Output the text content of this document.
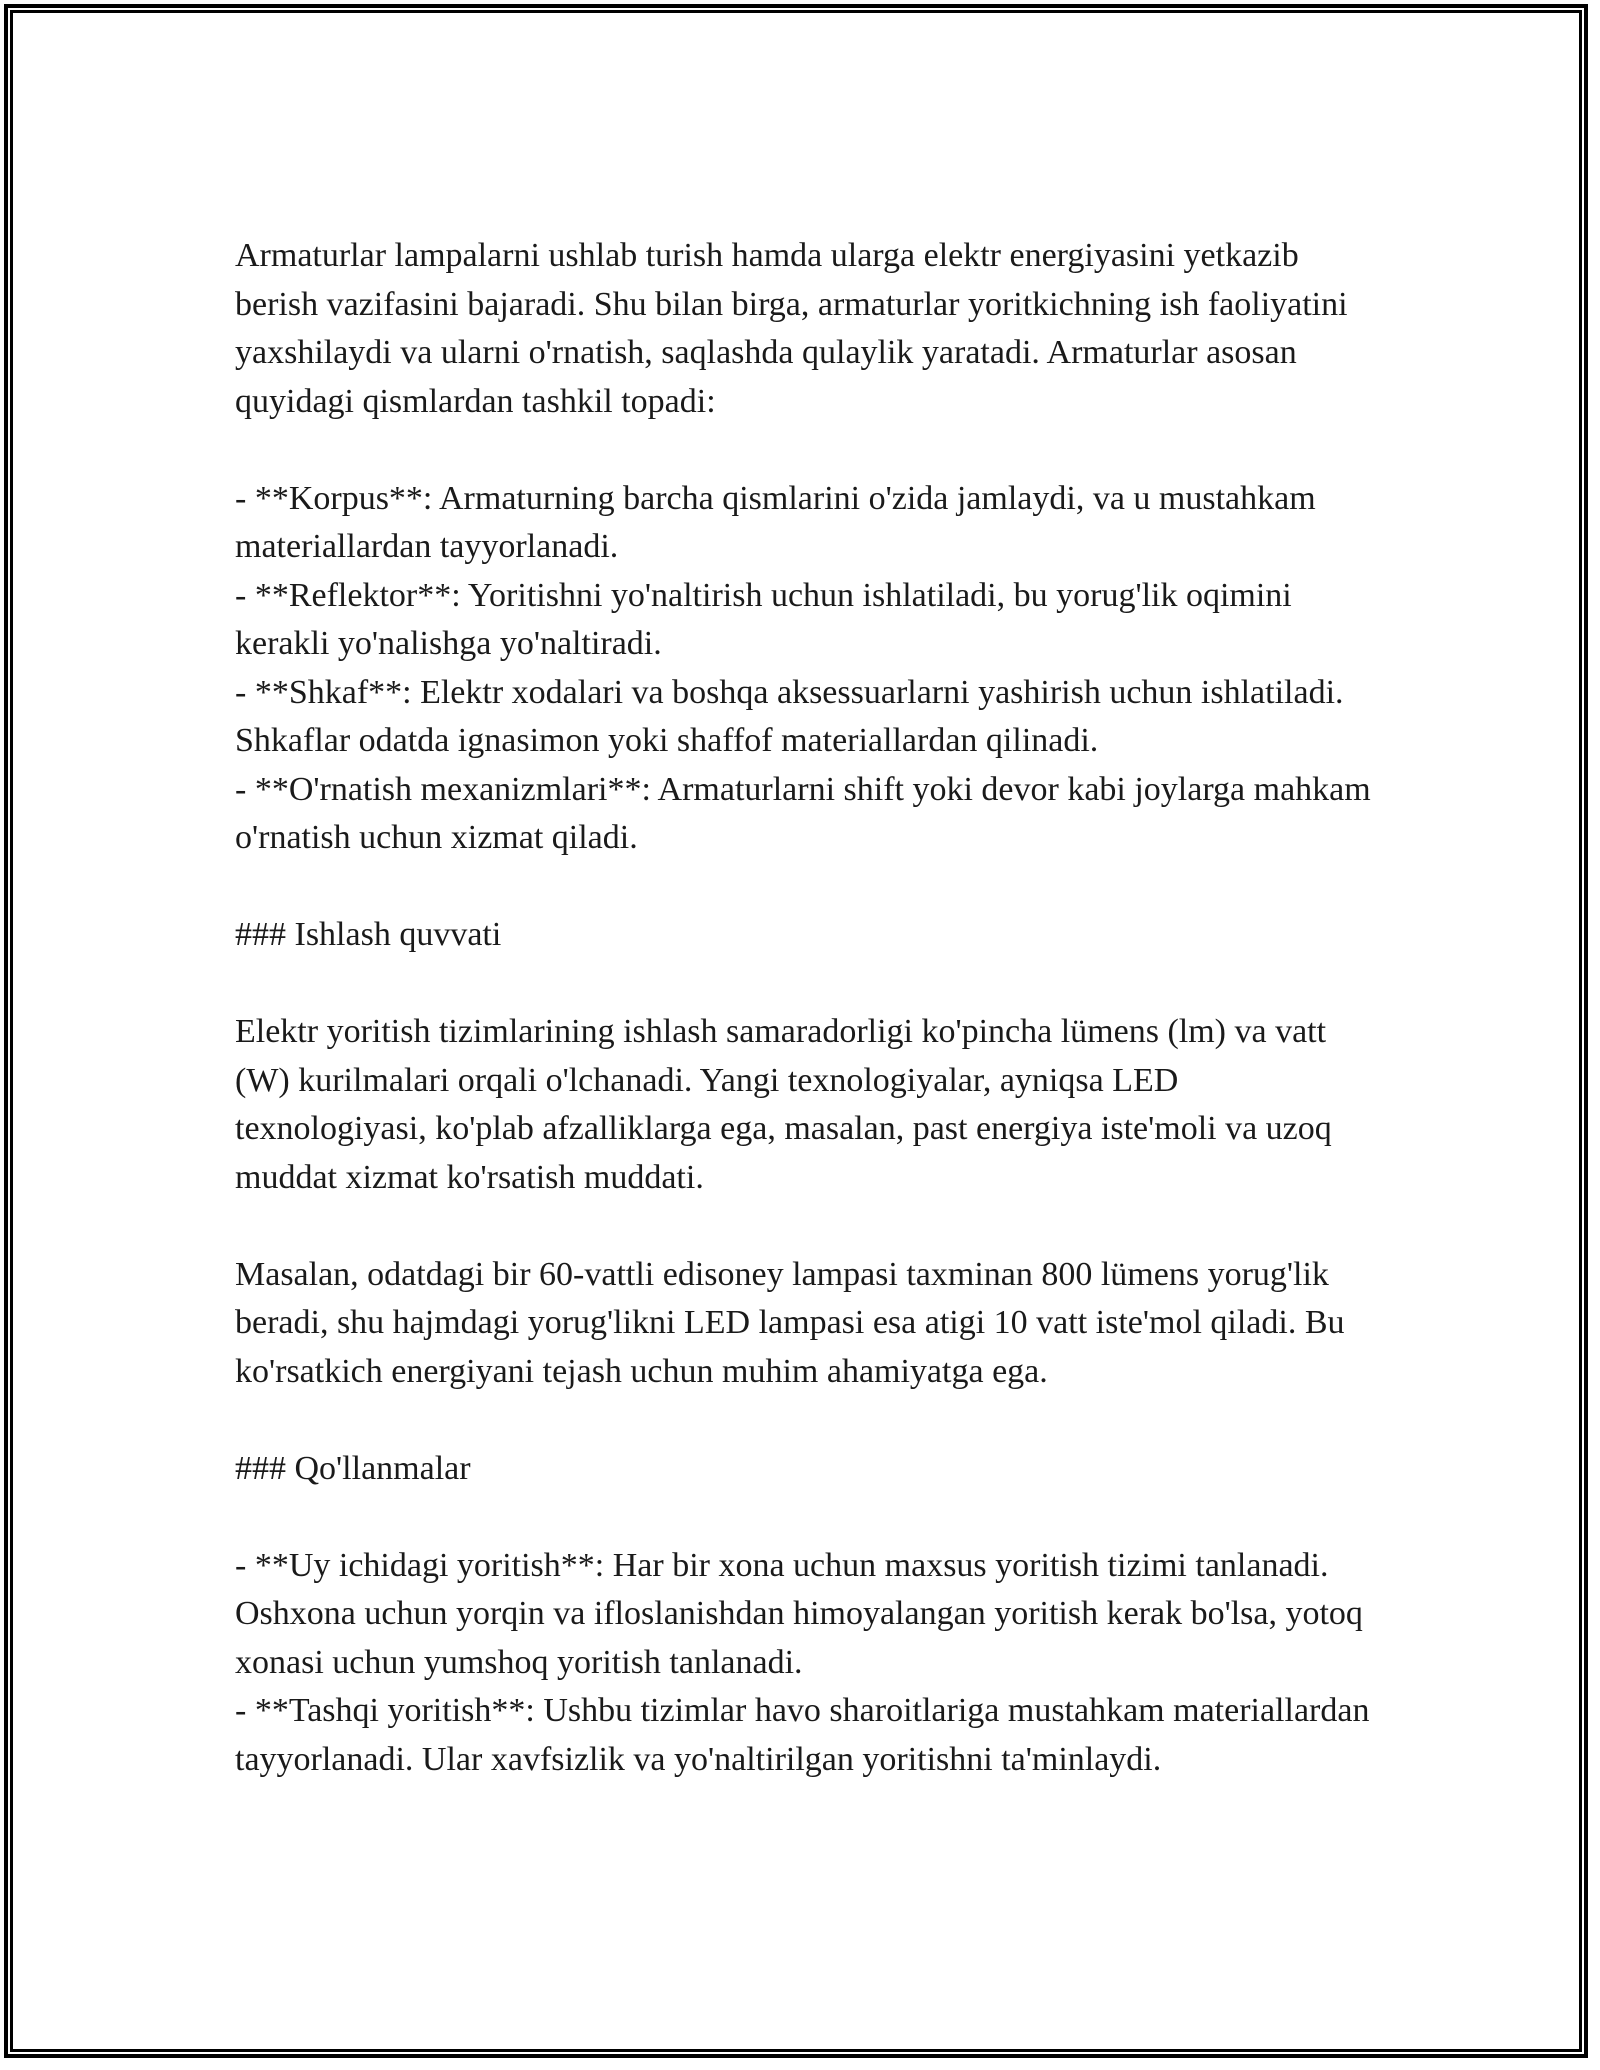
Armaturlar lampalarni ushlab turish hamda ularga elektr energiyasini yetkazib berish vazifasini bajaradi. Shu bilan birga, armaturlar yoritkichning ish faoliyatini yaxshilaydi va ularni o'rnatish, saqlashda qulaylik yaratadi. Armaturlar asosan quyidagi qismlardan tashkil topadi:

- **Korpus**: Armaturning barcha qismlarini o'zida jamlaydi, va u mustahkam materiallardan tayyorlanadi.

- **Reflektor**: Yoritishni yo'naltirish uchun ishlatiladi, bu yorug'lik oqimini kerakli yo'nalishga yo'naltiradi.

- **Shkaf**: Elektr xodalari va boshqa aksessuarlarni yashirish uchun ishlatiladi. Shkaflar odatda ignasimon yoki shaffof materiallardan qilinadi.

- **O'rnatish mexanizmlari**: Armaturlarni shift yoki devor kabi joylarga mahkam o'rnatish uchun xizmat qiladi.

### Ishlash quvvati

Elektr yoritish tizimlarining ishlash samaradorligi ko'pincha lümens (lm) va vatt (W) kurilmalari orqali o'lchanadi. Yangi texnologiyalar, ayniqsa LED texnologiyasi, ko'plab afzalliklarga ega, masalan, past energiya iste'moli va uzoq muddat xizmat ko'rsatish muddati.

Masalan, odatdagi bir 60-vattli edisoney lampasi taxminan 800 lümens yorug'lik beradi, shu hajmdagi yorug'likni LED lampasi esa atigi 10 vatt iste'mol qiladi. Bu ko'rsatkich energiyani tejash uchun muhim ahamiyatga ega.

### Qo'llanmalar

- **Uy ichidagi yoritish**: Har bir xona uchun maxsus yoritish tizimi tanlanadi. Oshxona uchun yorqin va ifloslanishdan himoyalangan yoritish kerak bo'lsa, yotoq xonasi uchun yumshoq yoritish tanlanadi.

- **Tashqi yoritish**: Ushbu tizimlar havo sharoitlariga mustahkam materiallardan tayyorlanadi. Ular xavfsizlik va yo'naltirilgan yoritishni ta'minlaydi.
